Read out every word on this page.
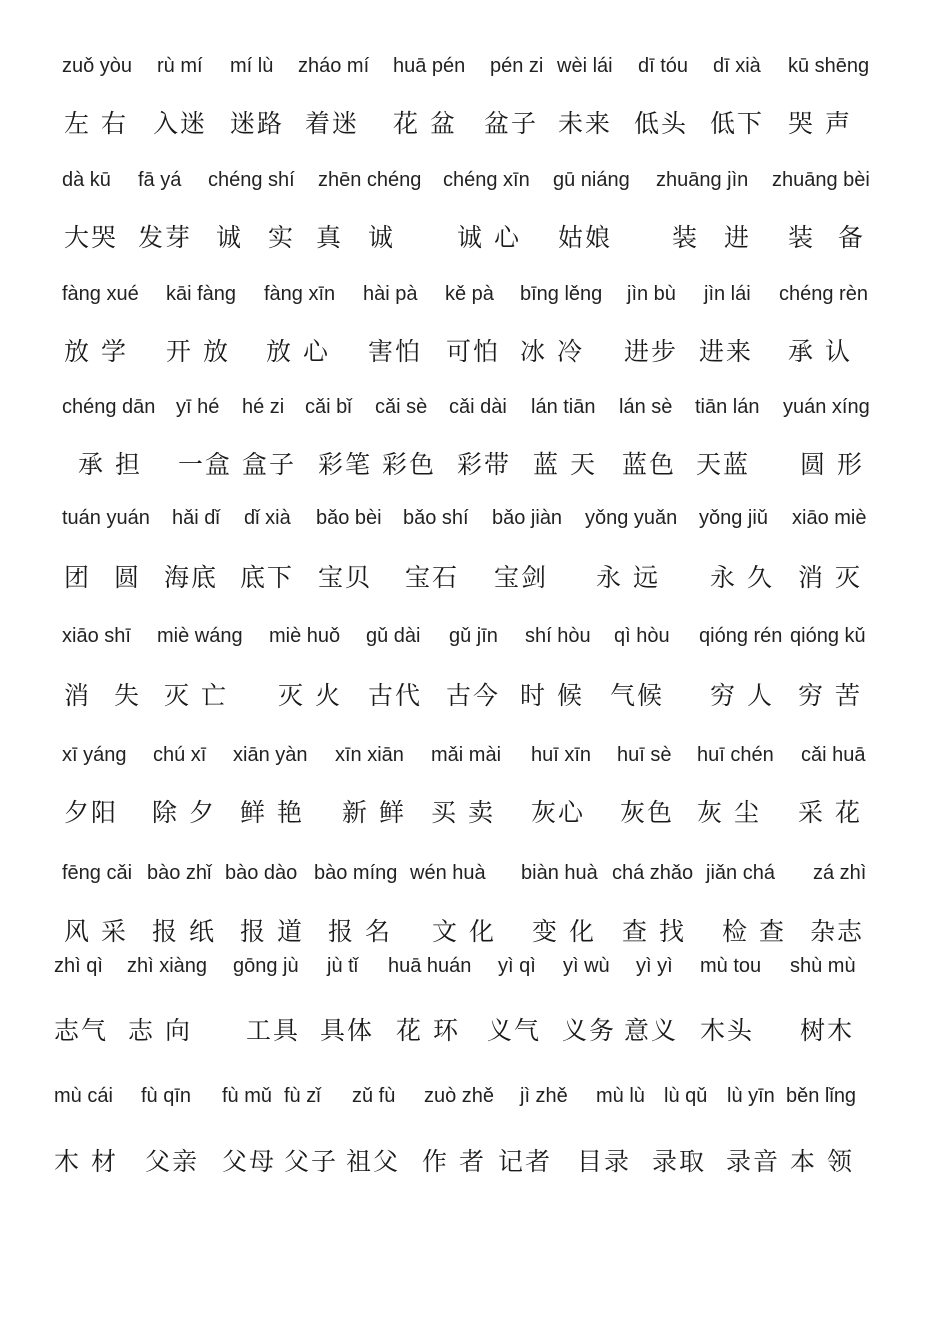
zuǒ yòu rù mí mí lù zháo mí huā pén pén zi wèi lái dī tóu dī xià kū shēng
左 右 入迷 迷路 着迷 花 盆 盆子 未来 低头 低下 哭 声
dà kū fā yá chéng shí zhēn chéng chéng xīn gū niáng zhuāng jìn zhuāng bèi
大哭 发芽 诚 实 真 诚 诚 心 姑娘 装 进 装 备
fàng xué kāi fàng fàng xīn hài pà kě pà bīng lěng jìn bù jìn lái chéng rèn
放 学 开 放 放 心 害怕 可怕 冰 冷 进步 进来 承 认
chéng dān yī hé hé zi cǎi bǐ cǎi sè cǎi dài lán tiān lán sè tiān lán yuán xíng
承 担 一盒 盒子 彩笔 彩色 彩带 蓝 天 蓝色 天蓝 圆 形
tuán yuán hǎi dǐ dǐ xià bǎo bèi bǎo shí bǎo jiàn yǒng yuǎn yǒng jiǔ xiāo miè
团 圆 海底 底下 宝贝 宝石 宝剑 永 远 永 久 消 灭
xiāo shī miè wáng miè huǒ gǔ dài gǔ jīn shí hòu qì hòu qióng rén qióng kǔ
消 失 灭 亡 灭 火 古代 古今 时 候 气候 穷 人 穷 苦
xī yáng chú xī xiān yàn xīn xiān mǎi mài huī xīn huī sè huī chén cǎi huā
夕阳 除 夕 鲜 艳 新 鲜 买 卖 灰心 灰色 灰 尘 采 花
fēng cǎi bào zhǐ bào dào bào míng wén huà biàn huà chá zhǎo jiǎn chá zá zhì
风 采 报 纸 报 道 报 名 文 化 变 化 查 找 检 查 杂志
zhì qì zhì xiàng gōng jù jù tǐ huā huán yì qì yì wù yì yì mù tou shù mù
志气 志 向 工具 具体 花 环 义气 义务 意义 木头 树木
mù cái fù qīn fù mǔ fù zǐ zǔ fù zuò zhě jì zhě mù lù lù qǔ lù yīn běn lǐng
木 材 父亲 父母 父子 祖父 作 者 记者 目录 录取 录音 本 领
